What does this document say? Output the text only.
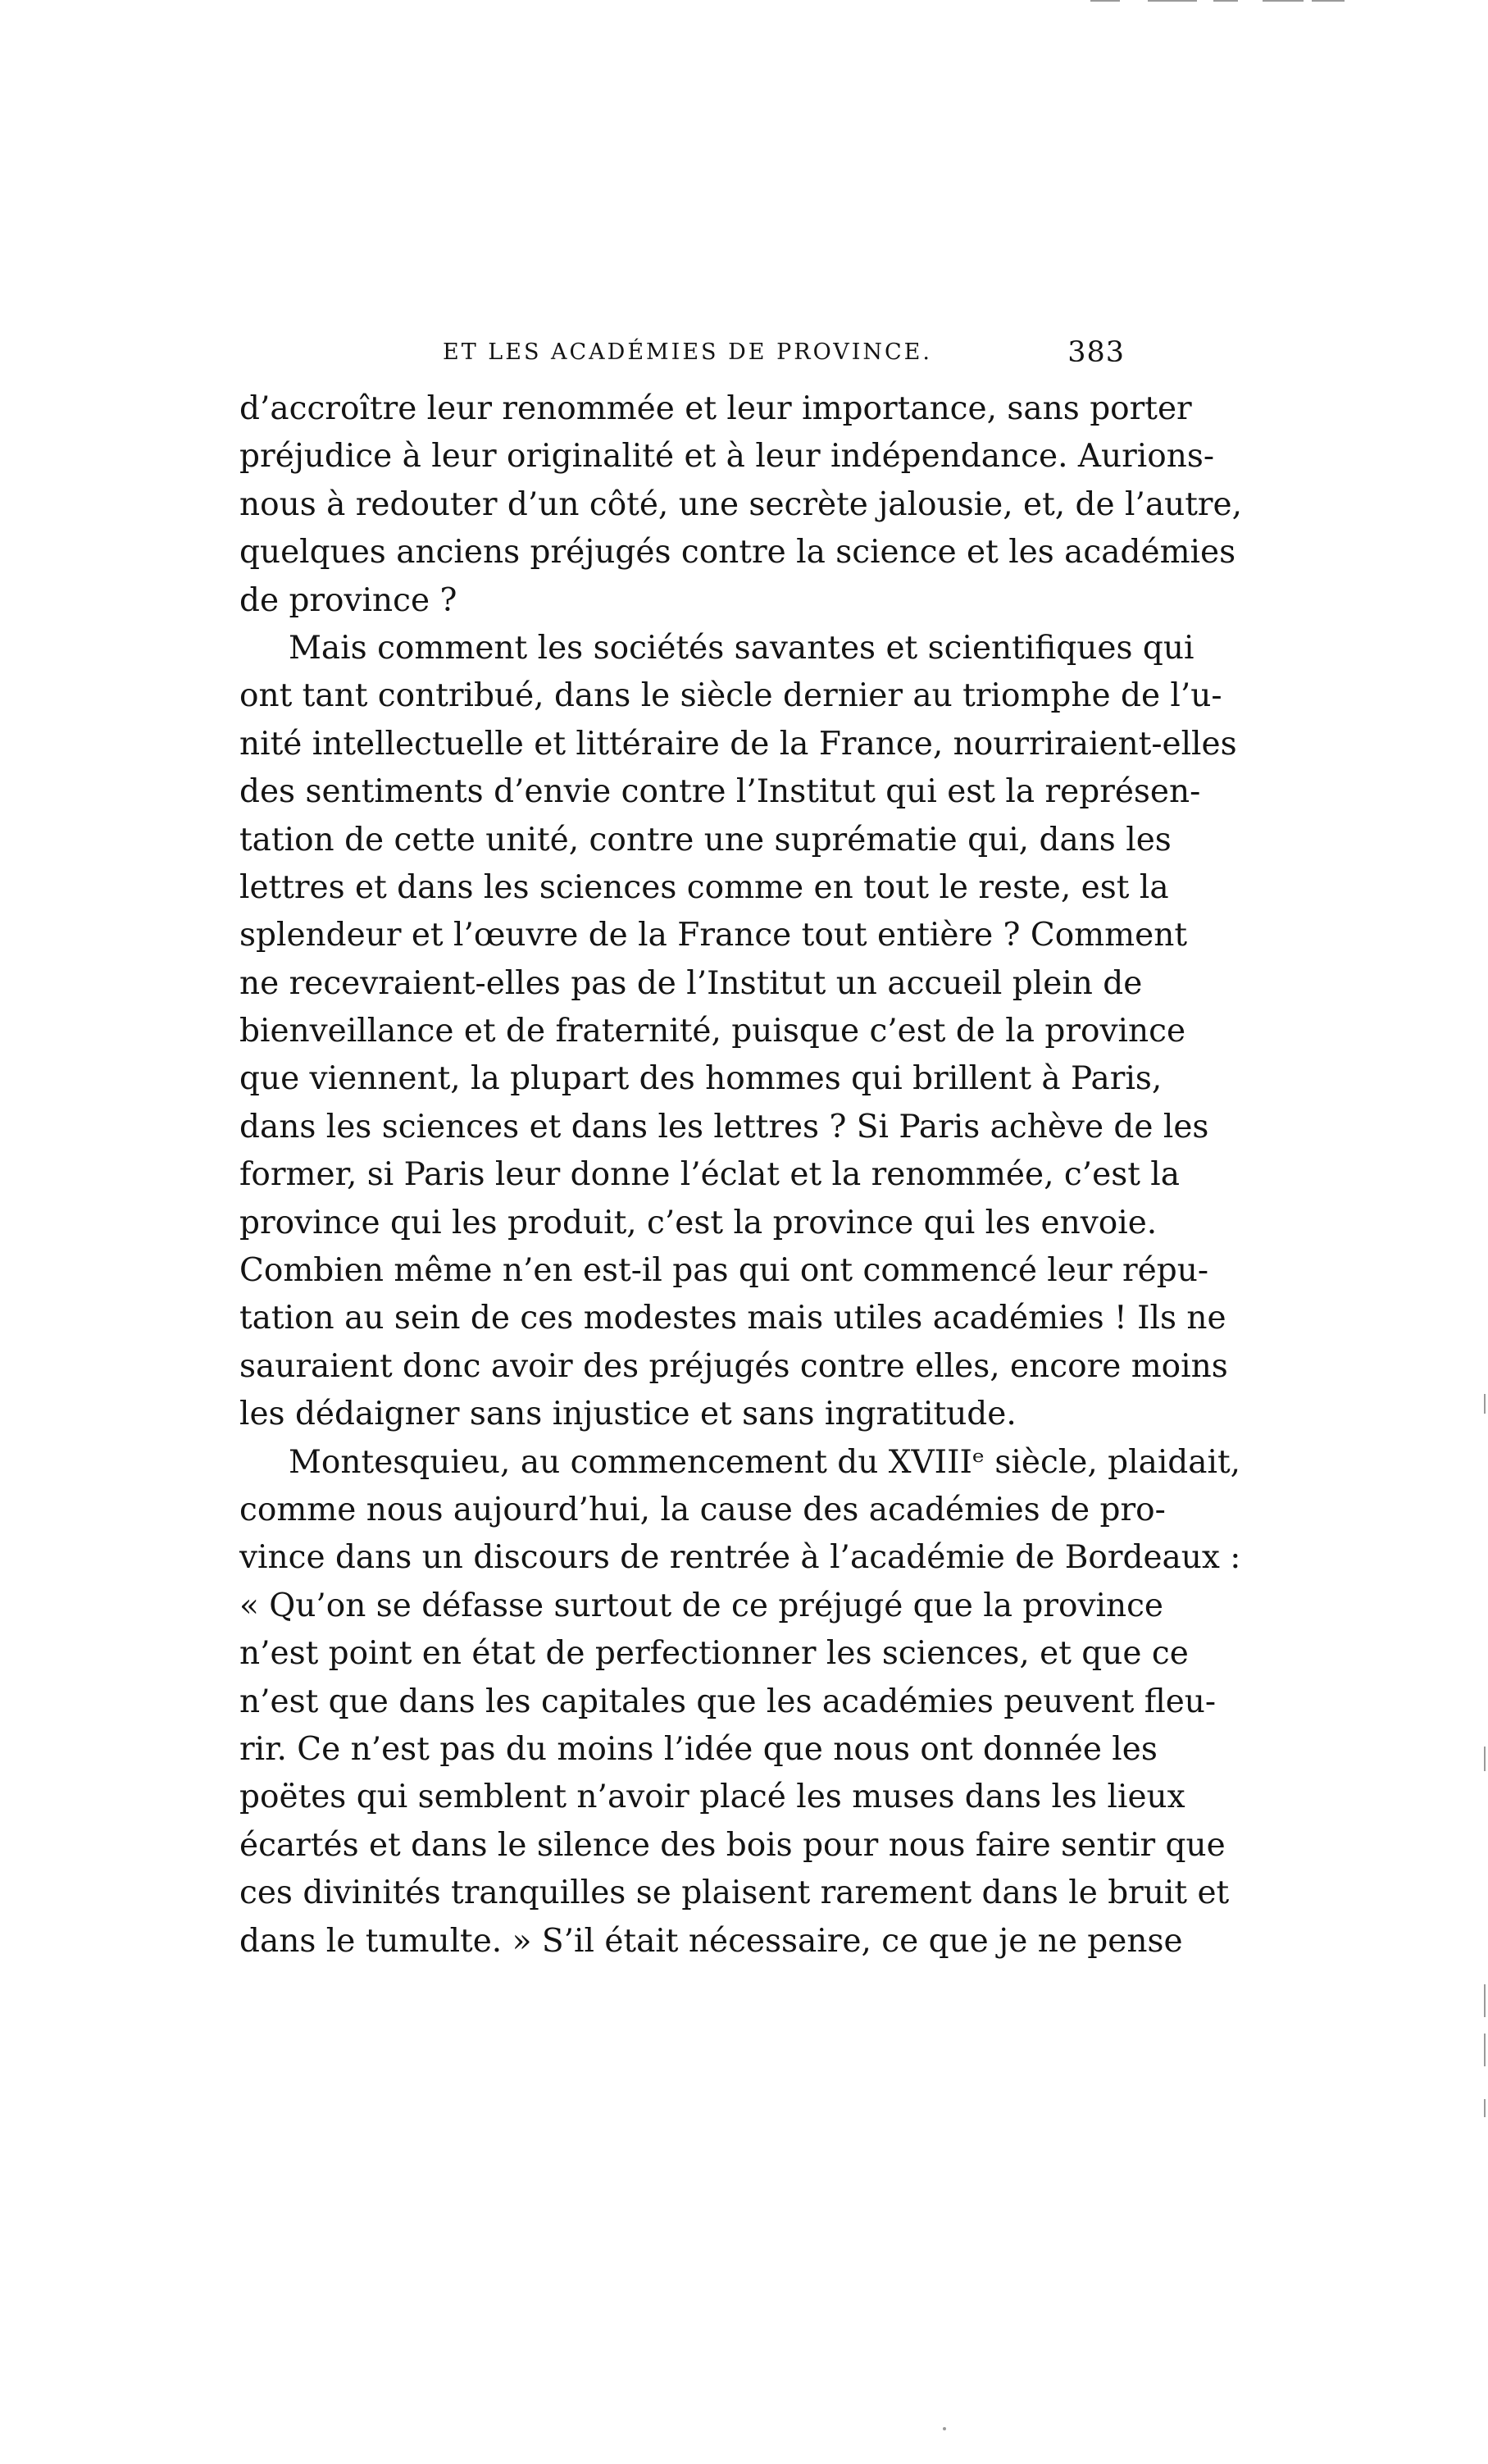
ET LES ACADÉMIES DE PROVINCE.	383
d’accroître leur renommée et leur importance, sans porter
préjudice à leur originalité et à leur indépendance. Aurions-
nous à redouter d’un côté, une secrète jalousie, et, de l’autre,
quelques anciens préjugés contre la science et les académies
de province ?
Mais comment les sociétés savantes et scientifiques qui
ont tant contribué, dans le siècle dernier au triomphe de l’u-
nité intellectuelle et littéraire de la France, nourriraient-elles
des sentiments d’envie contre l’Institut qui est la représen-
tation de cette unité, contre une suprématie qui, dans les
lettres et dans les sciences comme en tout le reste, est la
splendeur et l’œuvre de la France tout entière ? Comment
ne recevraient-elles pas de l’Institut un accueil plein de
bienveillance et de fraternité, puisque c’est de la province
que viennent, la plupart des hommes qui brillent à Paris,
dans les sciences et dans les lettres ? Si Paris achève de les
former, si Paris leur donne l’éclat et la renommée, c’est la
province qui les produit, c’est la province qui les envoie.
Combien même n’en est-il pas qui ont commencé leur répu-
tation au sein de ces modestes mais utiles académies ! Ils ne
sauraient donc avoir des préjugés contre elles, encore moins
les dédaigner sans injustice et sans ingratitude.
Montesquieu, au commencement du XVIIIᵉ siècle, plaidait,
comme nous aujourd’hui, la cause des académies de pro-
vince dans un discours de rentrée à l’académie de Bordeaux :
« Qu’on se défasse surtout de ce préjugé que la province
n’est point en état de perfectionner les sciences, et que ce
n’est que dans les capitales que les académies peuvent fleu-
rir. Ce n’est pas du moins l’idée que nous ont donnée les
poëtes qui semblent n’avoir placé les muses dans les lieux
écartés et dans le silence des bois pour nous faire sentir que
ces divinités tranquilles se plaisent rarement dans le bruit et
dans le tumulte. » S’il était nécessaire, ce que je ne pense
